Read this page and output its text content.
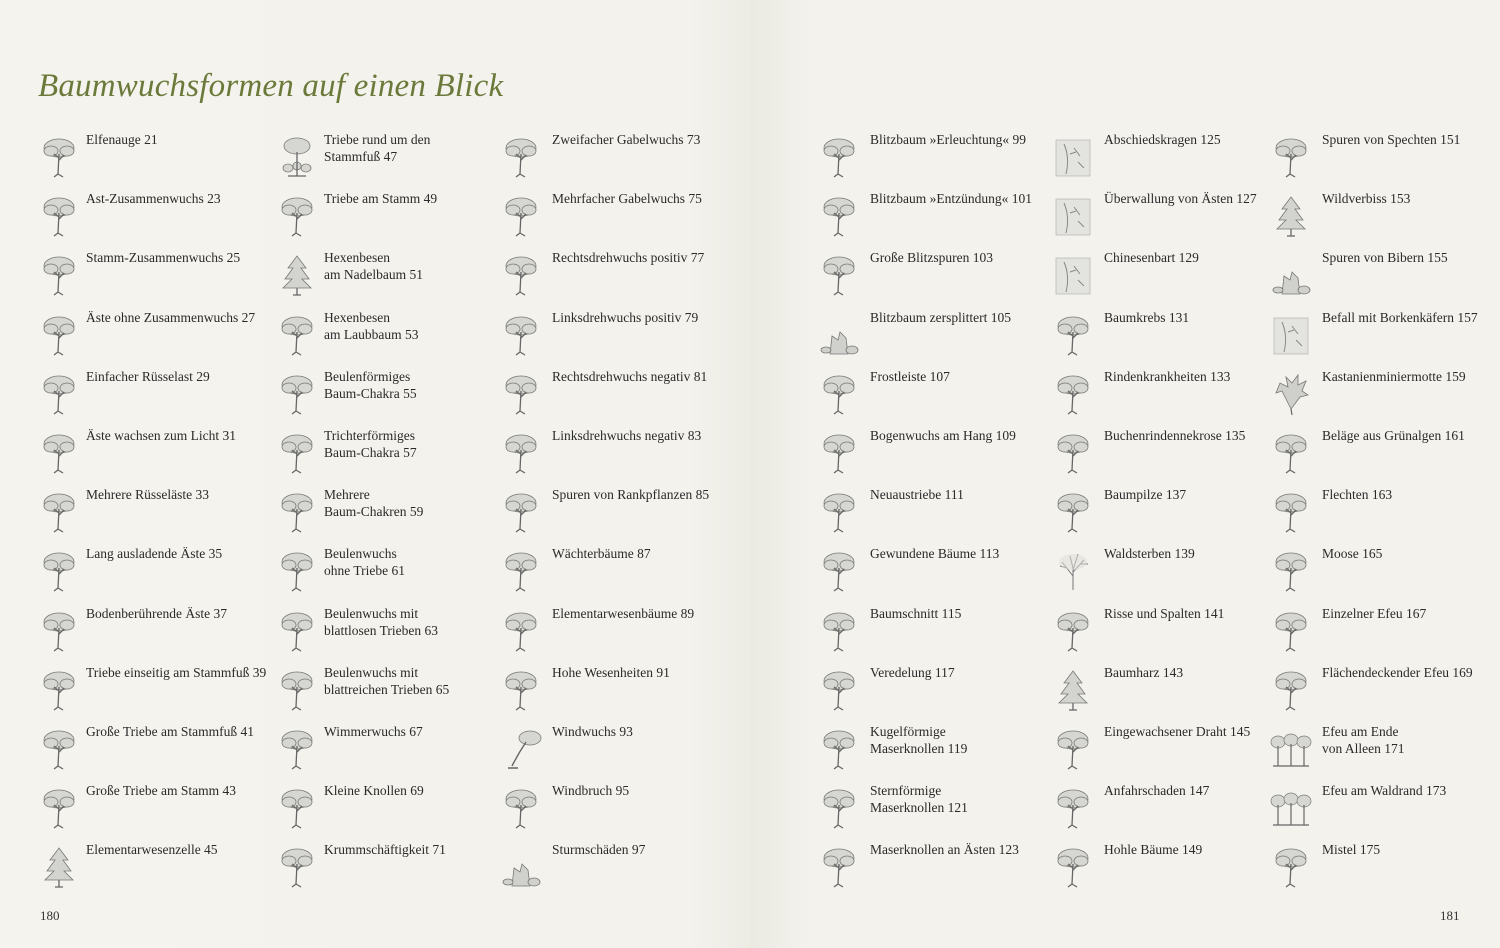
Baumwuchsformen auf einen Blick
Elfenauge 21
Ast-Zusammenwuchs 23
Stamm-Zusammenwuchs 25
Äste ohne Zusammenwuchs 27
Einfacher Rüsselast 29
Äste wachsen zum Licht 31
Mehrere Rüsseläste 33
Lang ausladende Äste 35
Bodenberührende Äste 37
Triebe einseitig am Stammfuß 39
Große Triebe am Stammfuß 41
Große Triebe am Stamm 43
Elementarwesenzelle 45
Triebe rund um den
Stammfuß 47
Triebe am Stamm 49
Hexenbesen
am Nadelbaum 51
Hexenbesen
am Laubbaum 53
Beulenförmiges
Baum-Chakra 55
Trichterförmiges
Baum-Chakra 57
Mehrere
Baum-Chakren 59
Beulenwuchs
ohne Triebe 61
Beulenwuchs mit
blattlosen Trieben 63
Beulenwuchs mit
blattreichen Trieben 65
Wimmerwuchs 67
Kleine Knollen 69
Krummschäftigkeit 71
Zweifacher Gabelwuchs 73
Mehrfacher Gabelwuchs 75
Rechtsdrehwuchs positiv 77
Linksdrehwuchs positiv 79
Rechtsdrehwuchs negativ 81
Linksdrehwuchs negativ 83
Spuren von Rankpflanzen 85
Wächterbäume 87
Elementarwesenbäume 89
Hohe Wesenheiten 91
Windwuchs 93
Windbruch 95
Sturmschäden 97
Blitzbaum »Erleuchtung« 99
Blitzbaum »Entzündung« 101
Große Blitzspuren 103
Blitzbaum zersplittert 105
Frostleiste 107
Bogenwuchs am Hang 109
Neuaustriebe 111
Gewundene Bäume 113
Baumschnitt 115
Veredelung 117
Kugelförmige
Maserknollen 119
Sternförmige
Maserknollen 121
Maserknollen an Ästen 123
Abschiedskragen 125
Überwallung von Ästen 127
Chinesenbart 129
Baumkrebs 131
Rindenkrankheiten 133
Buchenrindennekrose 135
Baumpilze 137
Waldsterben 139
Risse und Spalten 141
Baumharz 143
Eingewachsener Draht 145
Anfahrschaden 147
Hohle Bäume 149
Spuren von Spechten 151
Wildverbiss 153
Spuren von Bibern 155
Befall mit Borkenkäfern 157
Kastanienminiermotte 159
Beläge aus Grünalgen 161
Flechten 163
Moose 165
Einzelner Efeu 167
Flächendeckender Efeu 169
Efeu am Ende
von Alleen 171
Efeu am Waldrand 173
Mistel 175
180	181
